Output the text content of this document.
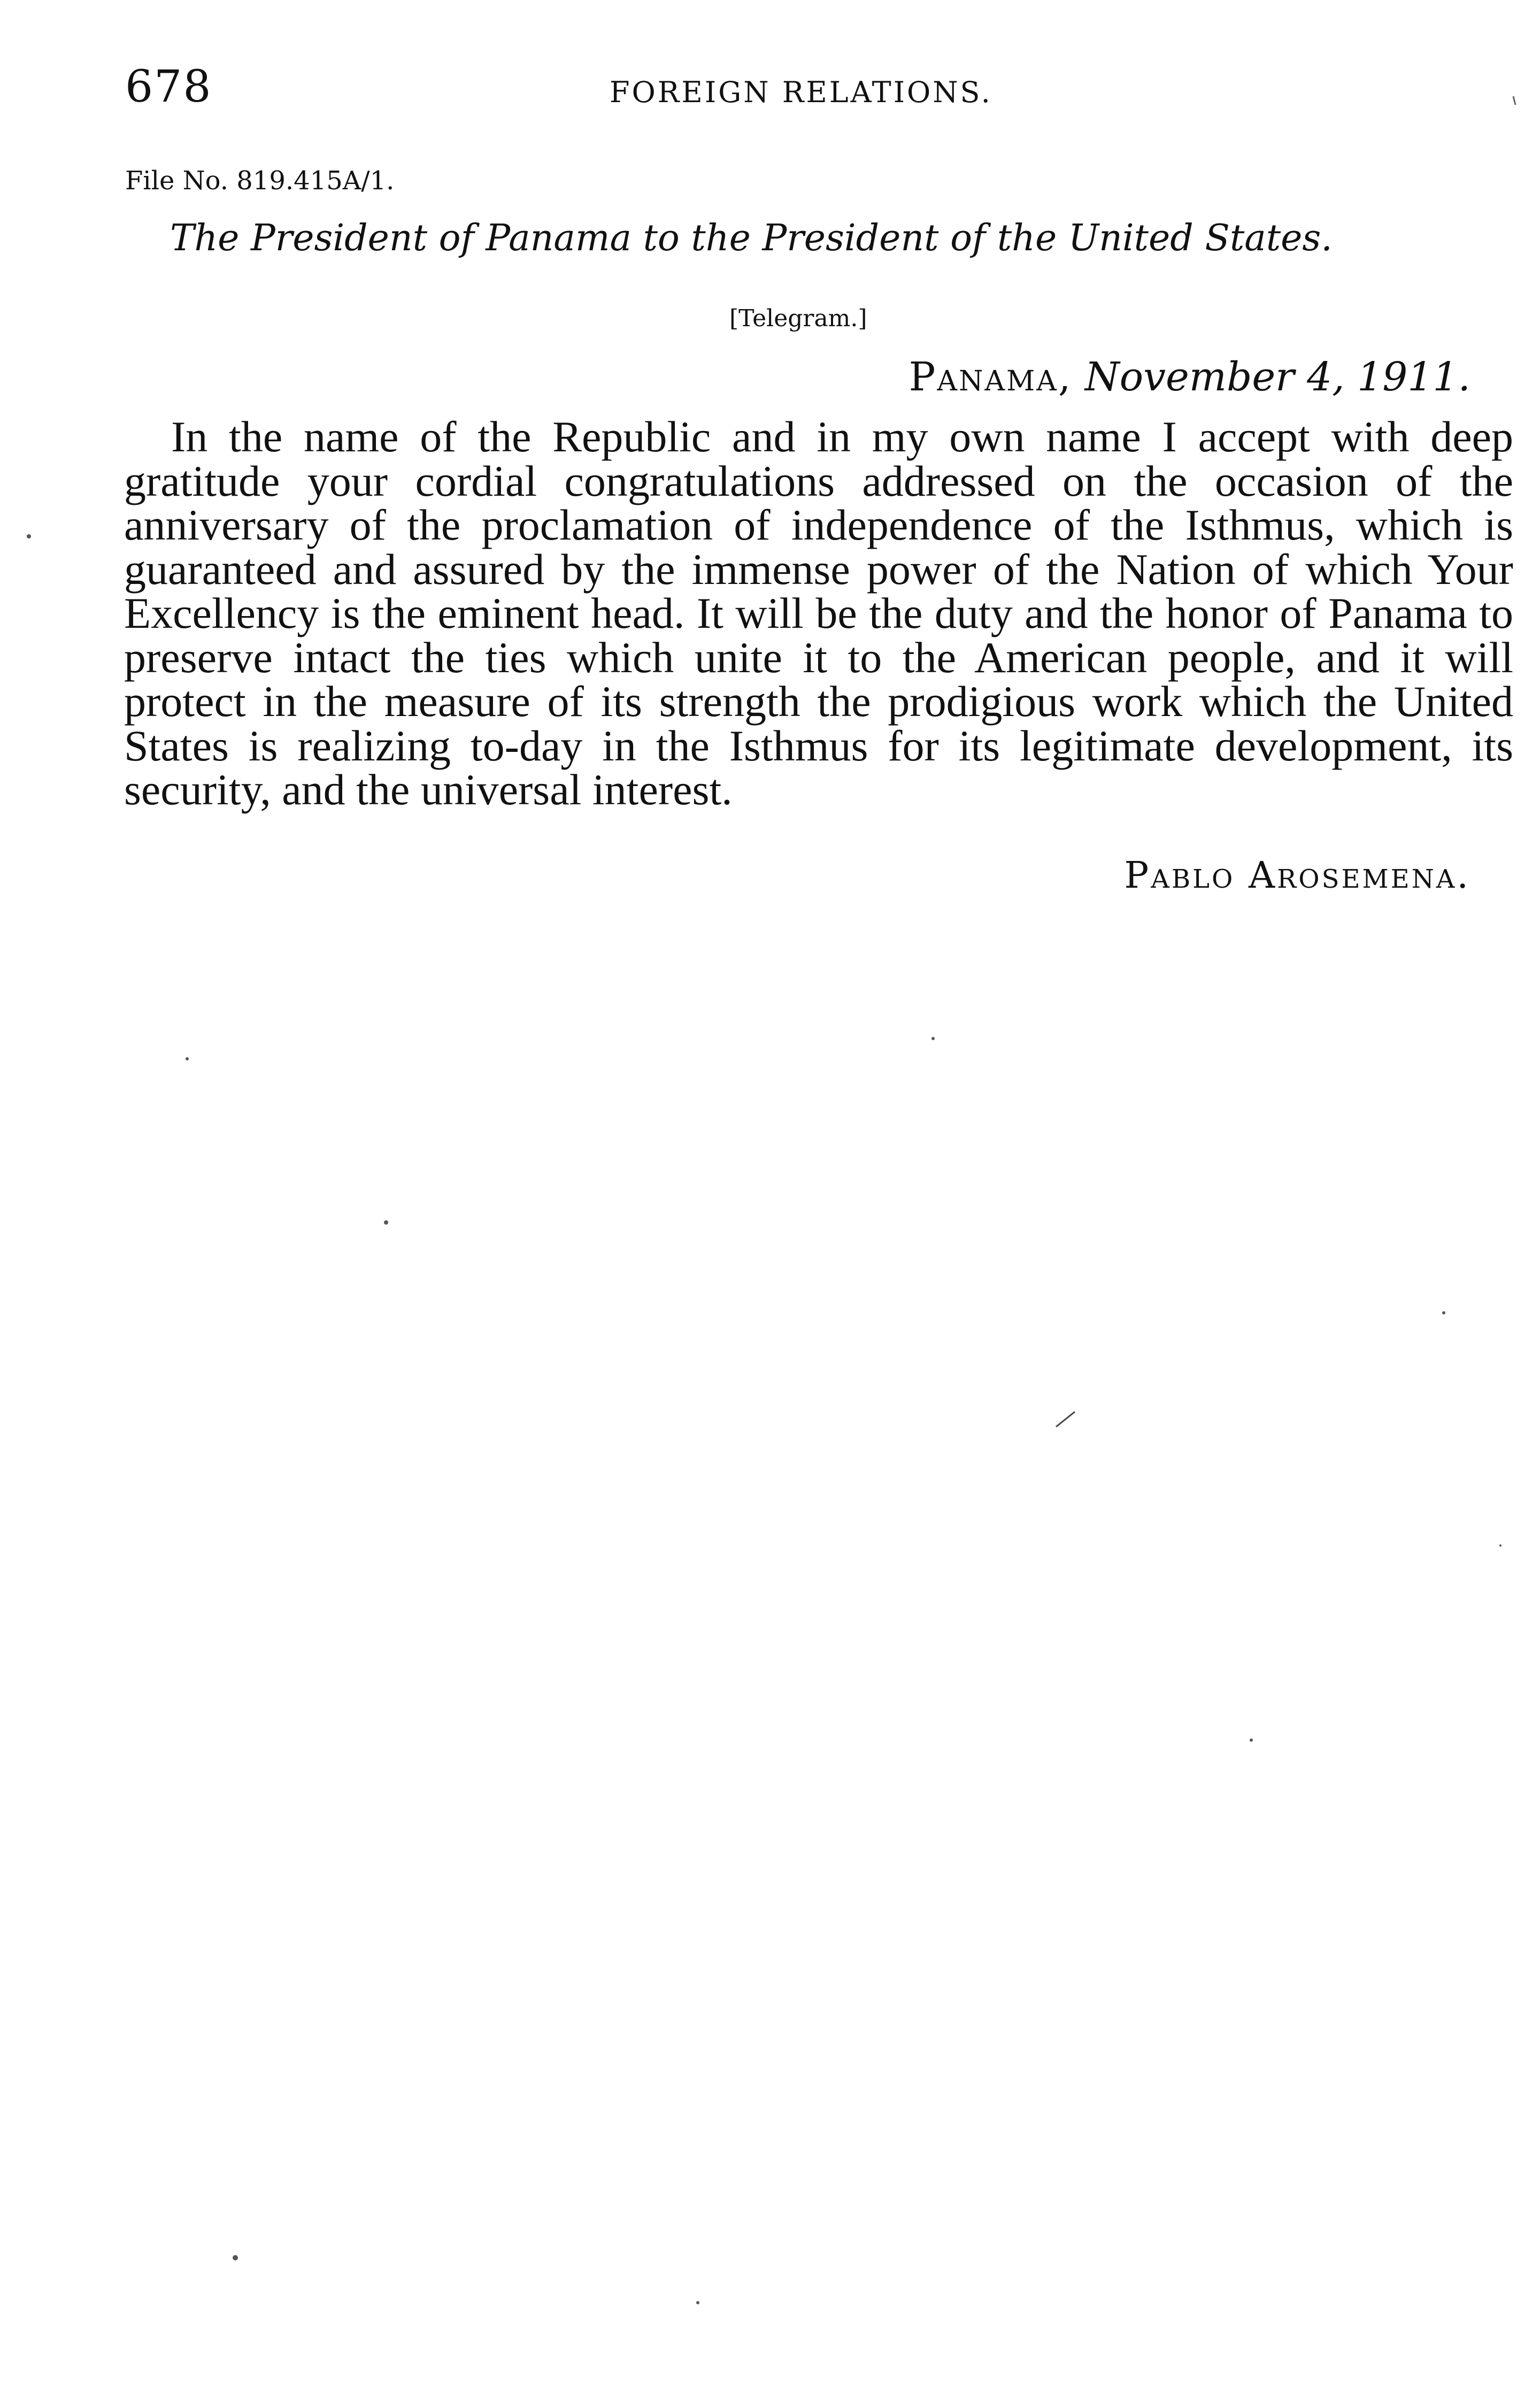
678	FOREIGN RELATIONS.
File No. 819.415A/1.
The President of Panama to the President of the United States.
[Telegram.]
Panama, November 4, 1911.

In the name of the Republic and in my own name I accept with deep gratitude your cordial congratulations addressed on the occasion of the anniversary of the proclamation of independence of the Isthmus, which is guaranteed and assured by the immense power of the Nation of which Your Excellency is the eminent head. It will be the duty and the honor of Panama to preserve intact the ties which unite it to the American people, and it will protect in the measure of its strength the prodigious work which the United States is realizing to-day in the Isthmus for its legitimate development, its security, and the universal interest.

Pablo Arosemena.
